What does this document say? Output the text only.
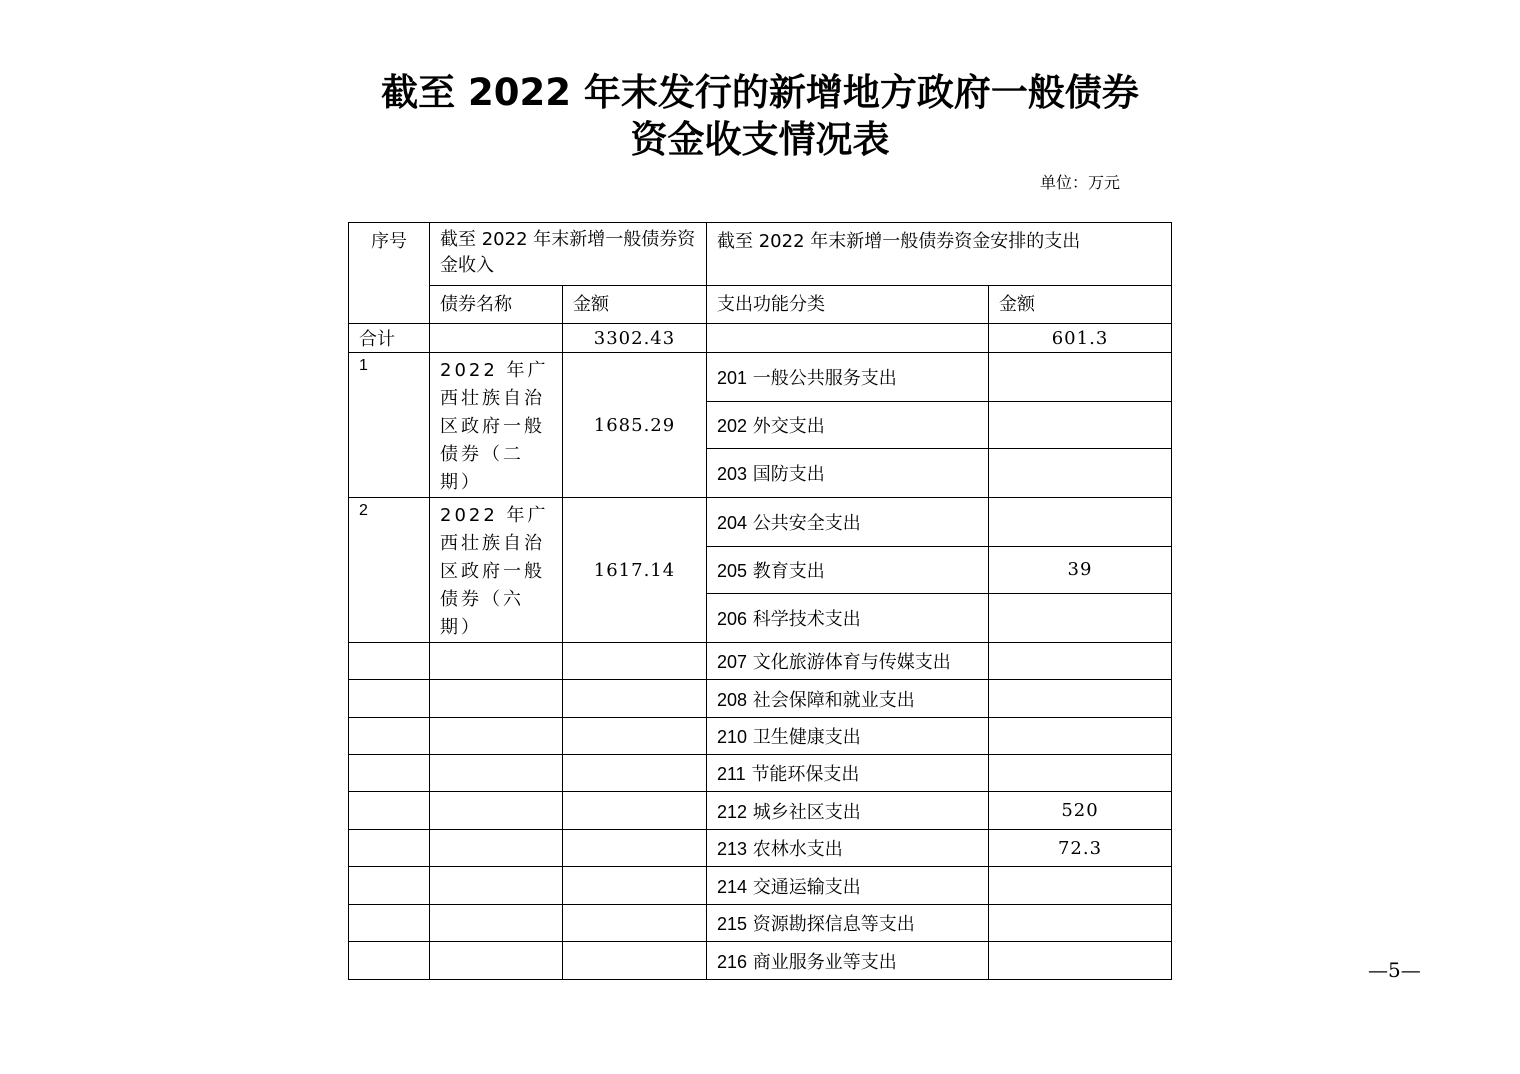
截至 2022 年末发行的新增地方政府一般债券
资金收支情况表
单位：万元
序号	截至 2022 年末新增一般债券资金收入		截至 2022 年末新增一般债券资金安排的支出	
	债券名称	金额	支出功能分类	金额
合计		3302.43		601.3
1	2022 年广西壮族自治区政府一般债券（二期）	1685.29	201 一般公共服务支出	
			202 外交支出	
			203 国防支出	
2	2022 年广西壮族自治区政府一般债券（六期）	1617.14	204 公共安全支出	
			205 教育支出	39
			206 科学技术支出	
			207 文化旅游体育与传媒支出	
			208 社会保障和就业支出	
			210 卫生健康支出	
			211 节能环保支出	
			212 城乡社区支出	520
			213 农林水支出	72.3
			214 交通运输支出	
			215 资源勘探信息等支出	
			216 商业服务业等支出		—5—
